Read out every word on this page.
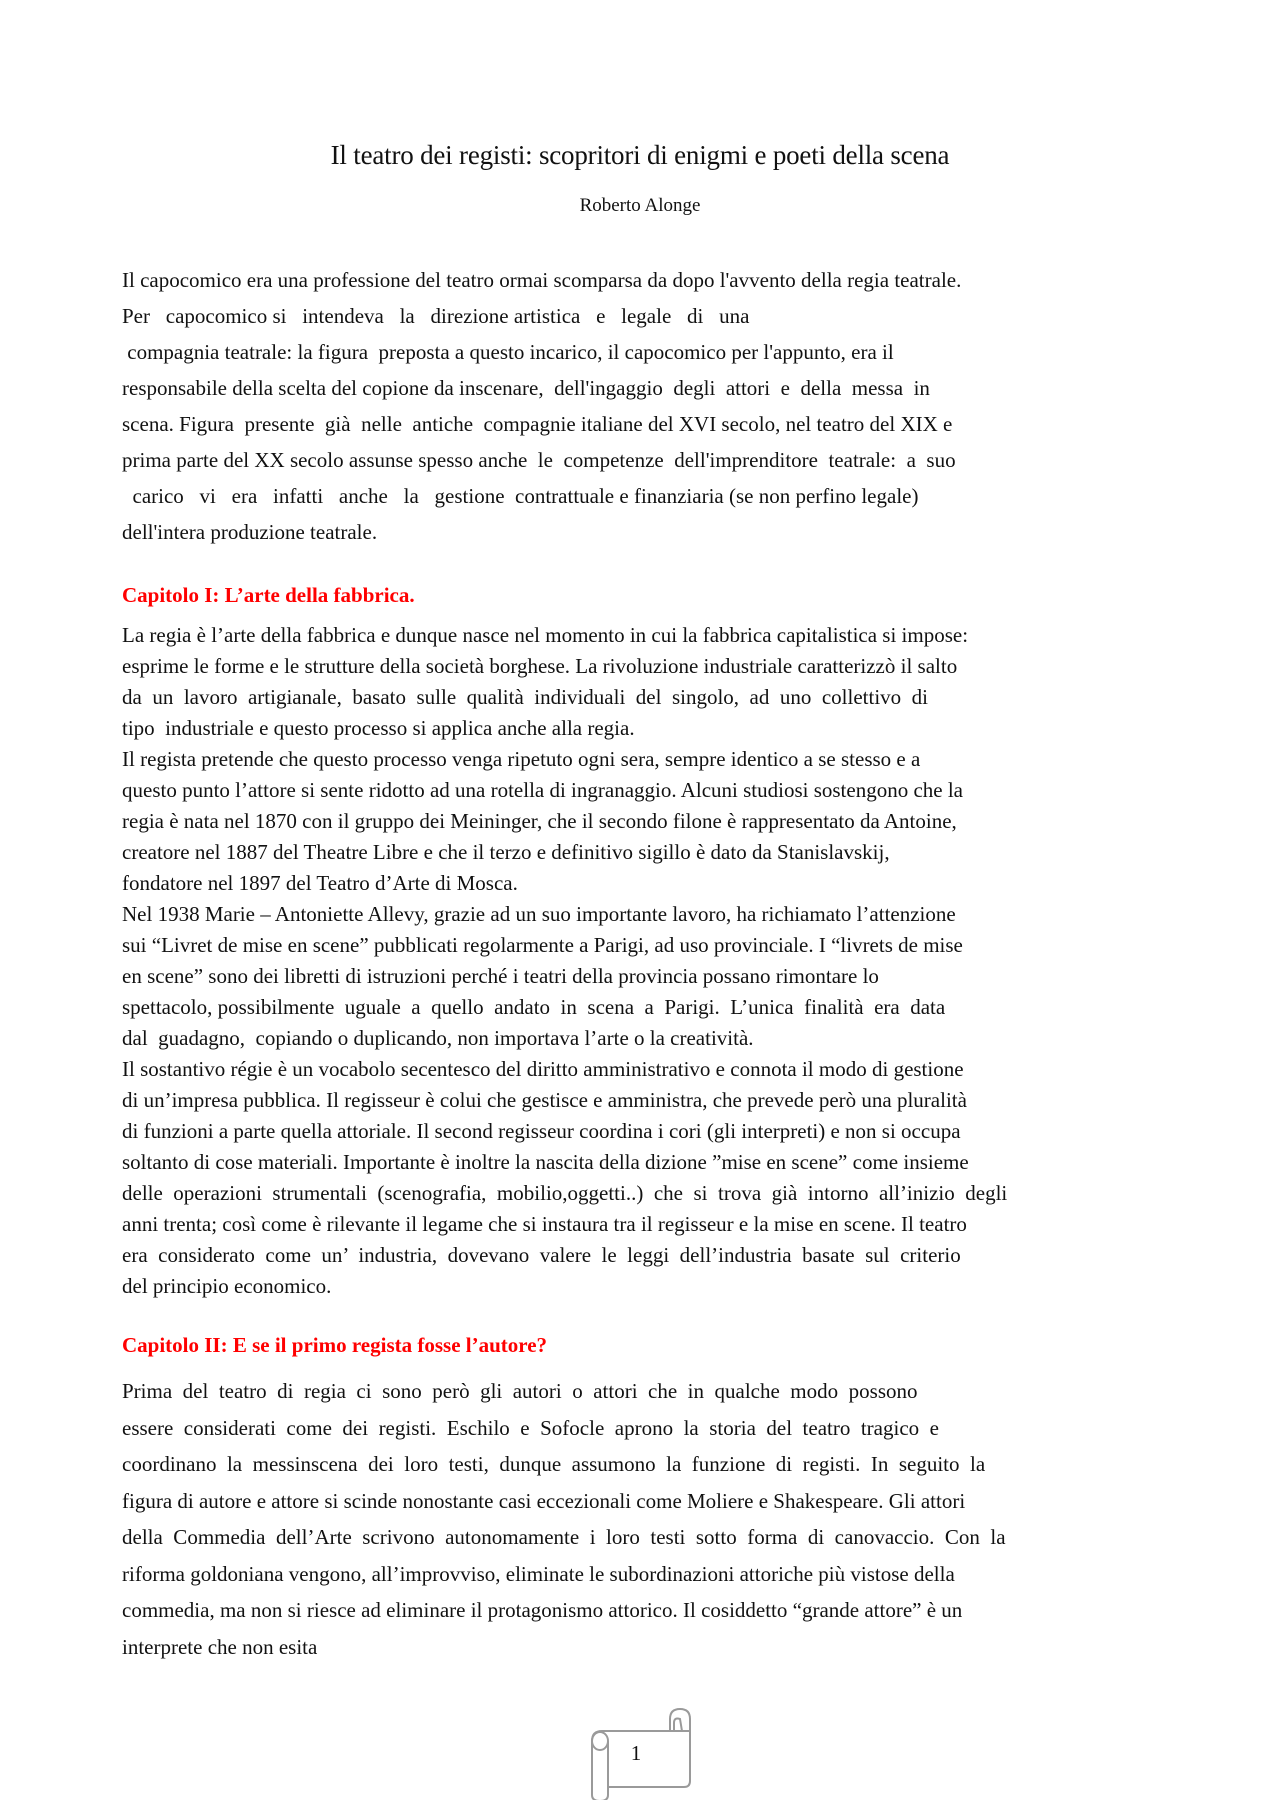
Il teatro dei registi: scopritori di enigmi e poeti della scena
Roberto Alonge
Il capocomico era una professione del teatro ormai scomparsa da dopo l'avvento della regia teatrale.
Per   capocomico si   intendeva   la   direzione artistica   e   legale   di   una
compagnia teatrale: la figura  preposta a questo incarico, il capocomico per l'appunto, era il
responsabile della scelta del copione da inscenare,  dell'ingaggio  degli  attori  e  della  messa  in
scena. Figura  presente  già  nelle  antiche  compagnie italiane del XVI secolo, nel teatro del XIX e
prima parte del XX secolo assunse spesso anche  le  competenze  dell'imprenditore  teatrale:  a  suo
carico   vi   era   infatti   anche   la   gestione  contrattuale e finanziaria (se non perfino legale)
dell'intera produzione teatrale.
Capitolo I: L’arte della fabbrica.
La regia è l’arte della fabbrica e dunque nasce nel momento in cui la fabbrica capitalistica si impose:
esprime le forme e le strutture della società borghese. La rivoluzione industriale caratterizzò il salto
da  un  lavoro  artigianale,  basato  sulle  qualità  individuali  del  singolo,  ad  uno  collettivo  di
tipo  industriale e questo processo si applica anche alla regia.
Il regista pretende che questo processo venga ripetuto ogni sera, sempre identico a se stesso e a
questo punto l’attore si sente ridotto ad una rotella di ingranaggio. Alcuni studiosi sostengono che la
regia è nata nel 1870 con il gruppo dei Meininger, che il secondo filone è rappresentato da Antoine,
creatore nel 1887 del Theatre Libre e che il terzo e definitivo sigillo è dato da Stanislavskij,
fondatore nel 1897 del Teatro d’Arte di Mosca.
Nel 1938 Marie – Antoniette Allevy, grazie ad un suo importante lavoro, ha richiamato l’attenzione
sui “Livret de mise en scene” pubblicati regolarmente a Parigi, ad uso provinciale. I “livrets de mise
en scene” sono dei libretti di istruzioni perché i teatri della provincia possano rimontare lo
spettacolo, possibilmente  uguale  a  quello  andato  in  scena  a  Parigi.  L’unica  finalità  era  data
dal  guadagno,  copiando o duplicando, non importava l’arte o la creatività.
Il sostantivo régie è un vocabolo secentesco del diritto amministrativo e connota il modo di gestione
di un’impresa pubblica. Il regisseur è colui che gestisce e amministra, che prevede però una pluralità
di funzioni a parte quella attoriale. Il second regisseur coordina i cori (gli interpreti) e non si occupa
soltanto di cose materiali. Importante è inoltre la nascita della dizione ”mise en scene” come insieme
delle  operazioni  strumentali  (scenografia,  mobilio,oggetti..)  che  si  trova  già  intorno  all’inizio  degli
anni trenta; così come è rilevante il legame che si instaura tra il regisseur e la mise en scene. Il teatro
era  considerato  come  un’  industria,  dovevano  valere  le  leggi  dell’industria  basate  sul  criterio
del principio economico.
Capitolo II: E se il primo regista fosse l’autore?
Prima  del  teatro  di  regia  ci  sono  però  gli  autori  o  attori  che  in  qualche  modo  possono
essere  considerati  come  dei  registi.  Eschilo  e  Sofocle  aprono  la  storia  del  teatro  tragico  e
coordinano  la  messinscena  dei  loro  testi,  dunque  assumono  la  funzione  di  registi.  In  seguito  la
figura di autore e attore si scinde nonostante casi eccezionali come Moliere e Shakespeare. Gli attori
della  Commedia  dell’Arte  scrivono  autonomamente  i  loro  testi  sotto  forma  di  canovaccio.  Con  la
riforma goldoniana vengono, all’improvviso, eliminate le subordinazioni attoriche più vistose della
commedia, ma non si riesce ad eliminare il protagonismo attorico. Il cosiddetto “grande attore” è un
interprete che non esita
1
